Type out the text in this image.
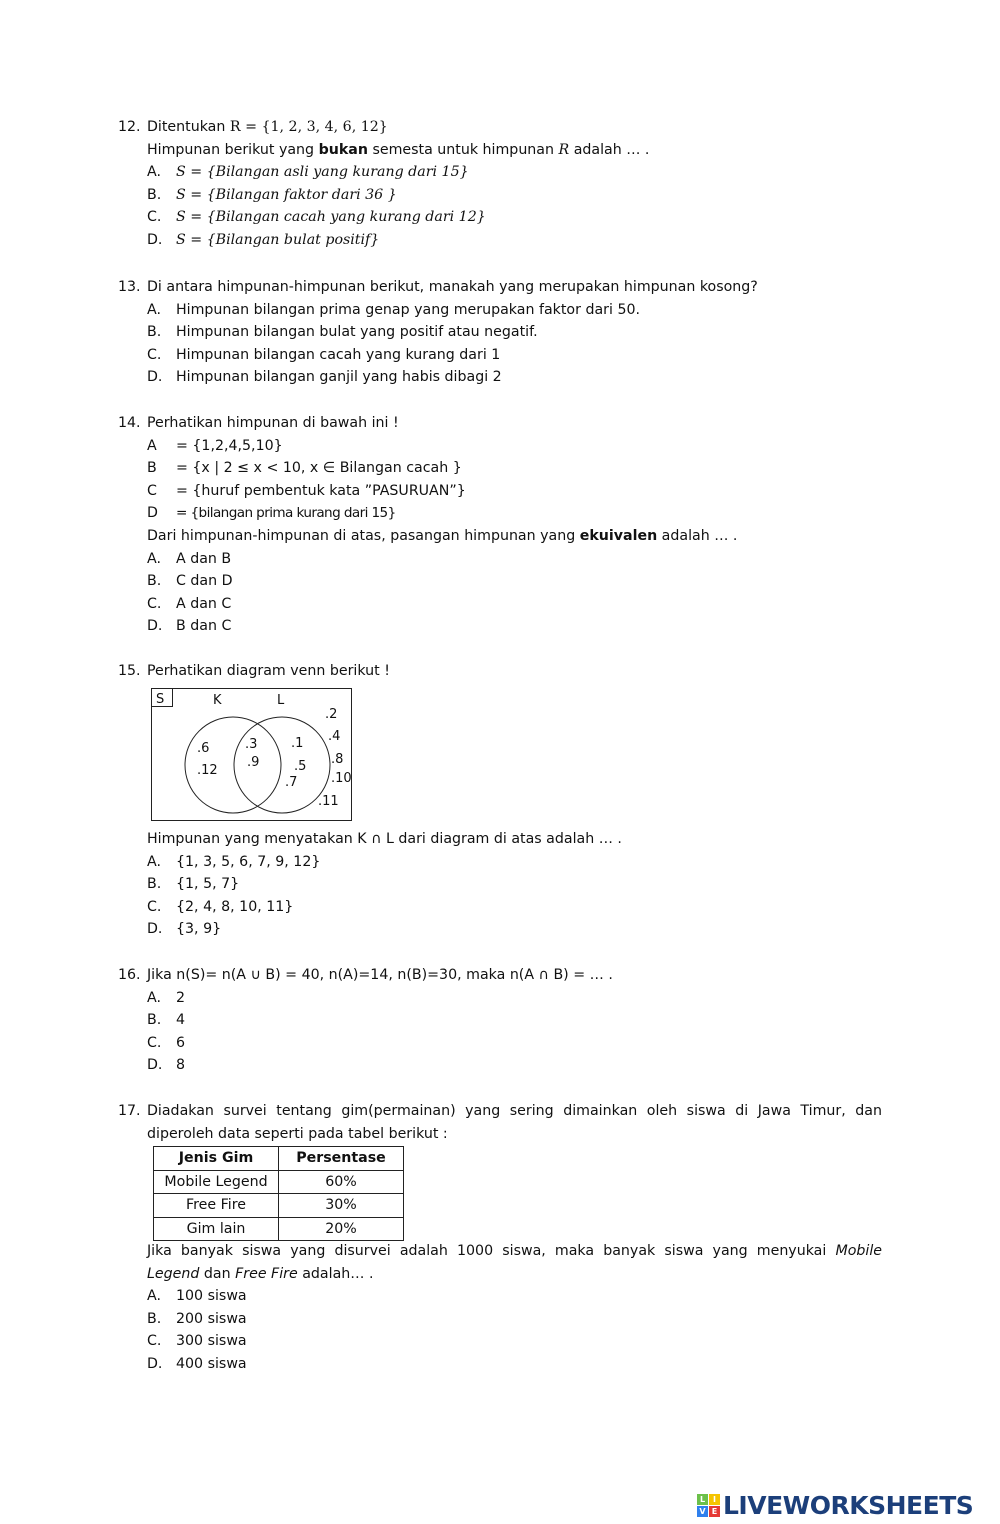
12. Ditentukan R = {1, 2, 3, 4, 6, 12}
Himpunan berikut yang bukan semesta untuk himpunan R adalah … .
A. S = {Bilangan asli yang kurang dari 15}
B. S = {Bilangan faktor dari 36 }
C. S = {Bilangan cacah yang kurang dari 12}
D. S = {Bilangan bulat positif}
13. Di antara himpunan-himpunan berikut, manakah yang merupakan himpunan kosong?
A. Himpunan bilangan prima genap yang merupakan faktor dari 50.
B. Himpunan bilangan bulat yang positif atau negatif.
C. Himpunan bilangan cacah yang kurang dari 1
D. Himpunan bilangan ganjil yang habis dibagi 2
14. Perhatikan himpunan di bawah ini !
A = {1,2,4,5,10}
B = {x | 2 ≤ x < 10, x ∈ Bilangan cacah }
C = {huruf pembentuk kata ”PASURUAN”}
D = {bilangan prima kurang dari 15}
Dari himpunan-himpunan di atas, pasangan himpunan yang ekuivalen adalah … .
A. A dan B
B. C dan D
C. A dan C
D. B dan C
15. Perhatikan diagram venn berikut !
S	K	L
.6
.12
.3
.9
.1
.5
.7
.2
.4
.8
.10
.11
Himpunan yang menyatakan K ∩ L dari diagram di atas adalah … .
A. {1, 3, 5, 6, 7, 9, 12}
B. {1, 5, 7}
C. {2, 4, 8, 10, 11}
D. {3, 9}
16. Jika n(S)= n(A ∪ B) = 40, n(A)=14, n(B)=30, maka n(A ∩ B) = … .
A. 2
B. 4
C. 6
D. 8
17. Diadakan survei tentang gim(permainan) yang sering dimainkan oleh siswa di Jawa Timur, dan
diperoleh data seperti pada tabel berikut :
Jenis Gim	Persentase
Mobile Legend	60%
Free Fire	30%
Gim lain	20%
Jika banyak siswa yang disurvei adalah 1000 siswa, maka banyak siswa yang menyukai Mobile
Legend dan Free Fire adalah… .
A. 100 siswa
B. 200 siswa
C. 300 siswa
D. 400 siswa
L I
V E LIVEWORKSHEETS
